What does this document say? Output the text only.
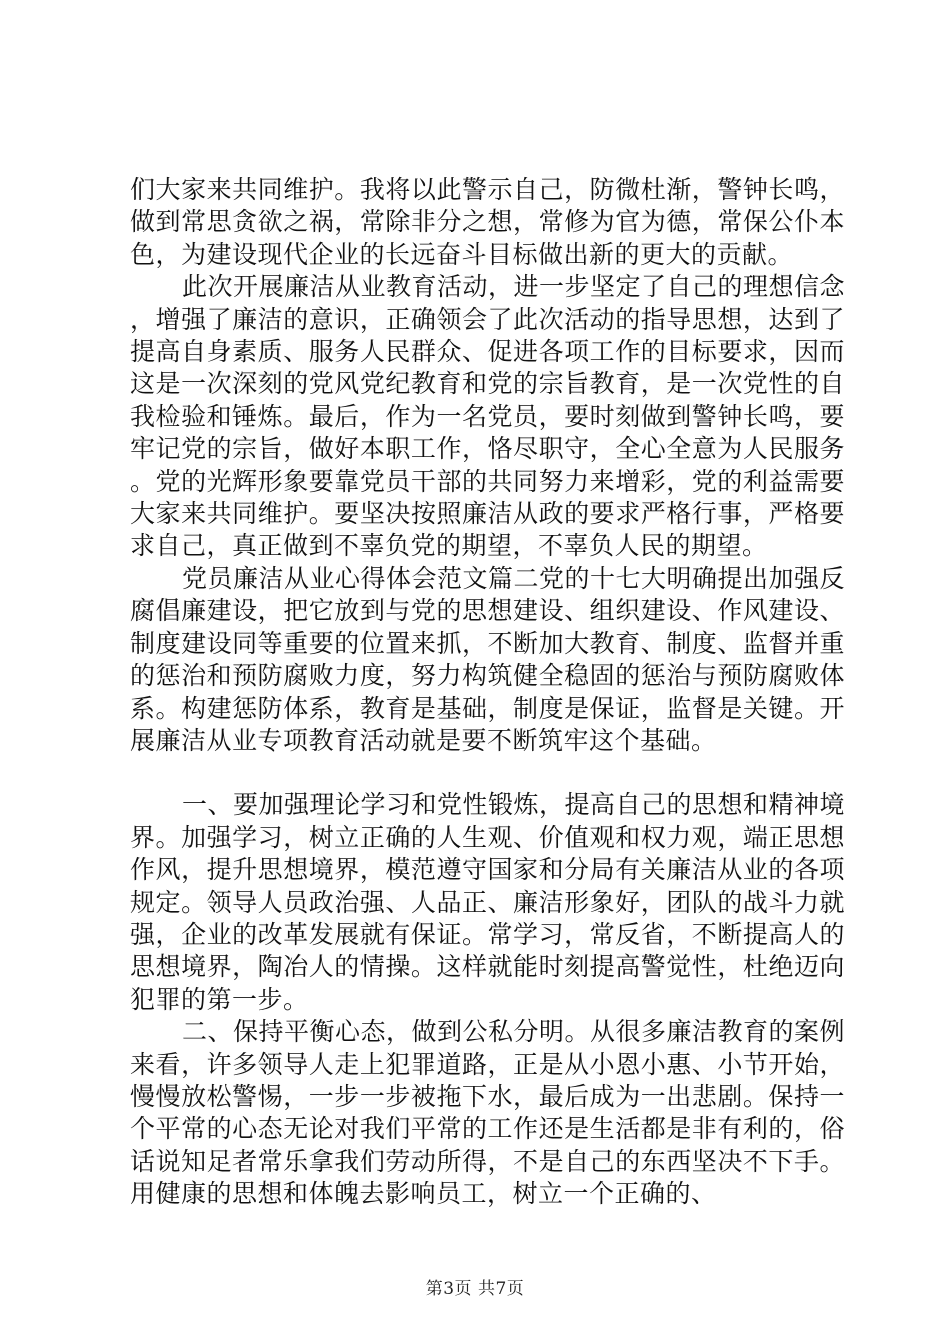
们大家来共同维护。我将以此警示自己，防微杜渐，警钟长鸣，做到常思贪欲之祸，常除非分之想，常修为官为德，常保公仆本色，为建设现代企业的长远奋斗目标做出新的更大的贡献。

此次开展廉洁从业教育活动，进一步坚定了自己的理想信念，增强了廉洁的意识，正确领会了此次活动的指导思想，达到了提高自身素质、服务人民群众、促进各项工作的目标要求，因而这是一次深刻的党风党纪教育和党的宗旨教育，是一次党性的自我检验和锤炼。最后，作为一名党员，要时刻做到警钟长鸣，要牢记党的宗旨，做好本职工作，恪尽职守，全心全意为人民服务。党的光辉形象要靠党员干部的共同努力来增彩，党的利益需要大家来共同维护。要坚决按照廉洁从政的要求严格行事，严格要求自己，真正做到不辜负党的期望，不辜负人民的期望。

党员廉洁从业心得体会范文篇二党的十七大明确提出加强反腐倡廉建设，把它放到与党的思想建设、组织建设、作风建设、制度建设同等重要的位置来抓，不断加大教育、制度、监督并重的惩治和预防腐败力度，努力构筑健全稳固的惩治与预防腐败体系。构建惩防体系，教育是基础，制度是保证，监督是关键。开展廉洁从业专项教育活动就是要不断筑牢这个基础。

一、要加强理论学习和党性锻炼，提高自己的思想和精神境界。加强学习，树立正确的人生观、价值观和权力观，端正思想作风，提升思想境界，模范遵守国家和分局有关廉洁从业的各项规定。领导人员政治强、人品正、廉洁形象好，团队的战斗力就强，企业的改革发展就有保证。常学习，常反省，不断提高人的思想境界，陶冶人的情操。这样就能时刻提高警觉性，杜绝迈向犯罪的第一步。

二、保持平衡心态，做到公私分明。从很多廉洁教育的案例来看，许多领导人走上犯罪道路，正是从小恩小惠、小节开始，慢慢放松警惕，一步一步被拖下水，最后成为一出悲剧。保持一个平常的心态无论对我们平常的工作还是生活都是非有利的，俗话说知足者常乐拿我们劳动所得，不是自己的东西坚决不下手。用健康的思想和体魄去影响员工，树立一个正确的、

第3页 共7页
